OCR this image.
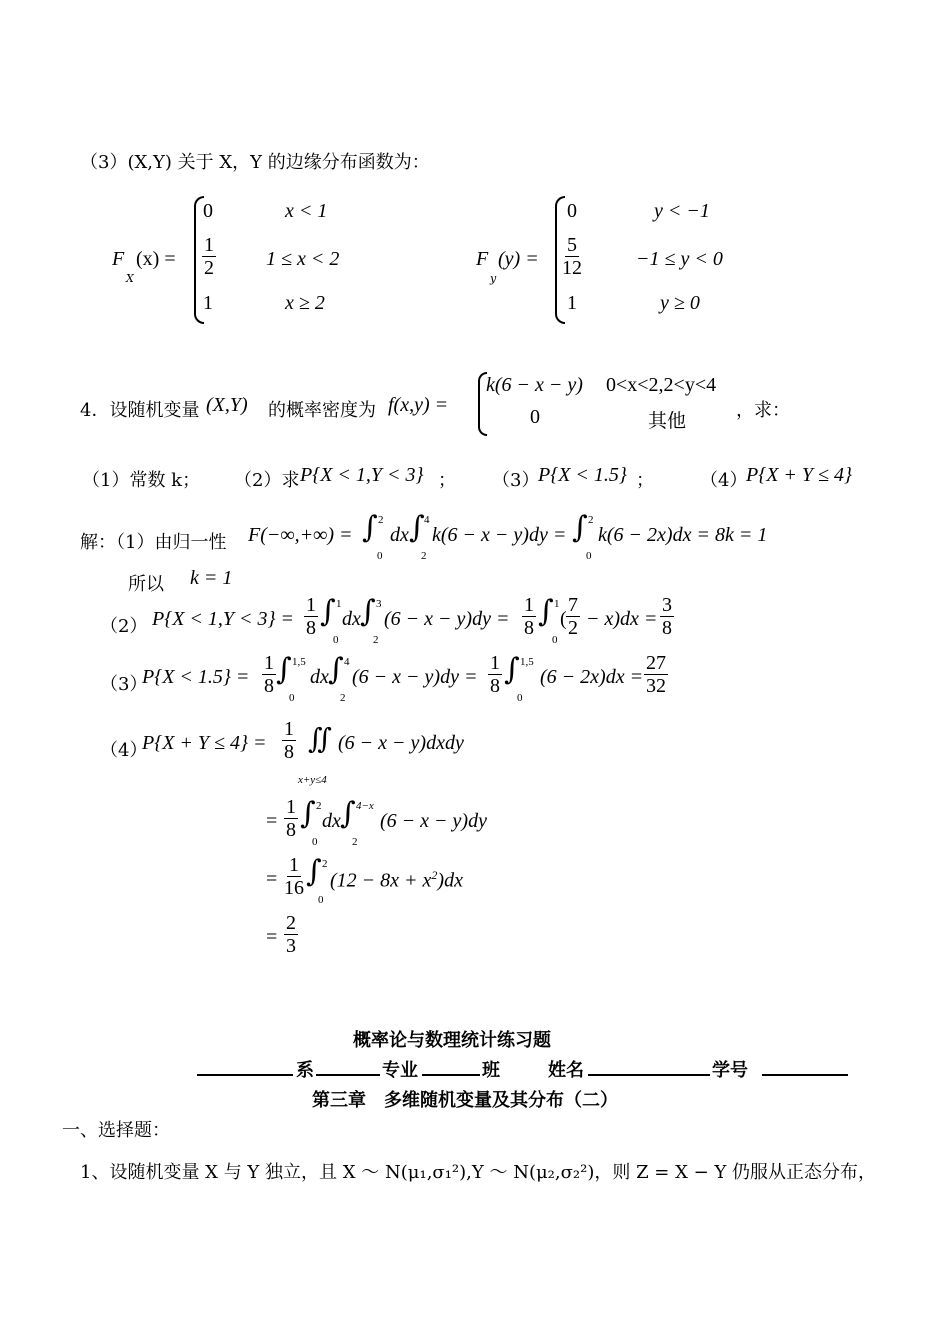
（3）(X,Y) 关于 X，Y 的边缘分布函数为：
F
X
(x) =
0	x < 1
$\frac{1}{2}$	1 ≤ x < 2
1	x ≥ 2
F
y
(y) =
0	y < −1
$\frac{5}{12}$	−1 ≤ y < 0
1	y ≥ 0
4．设随机变量 (X,Y) 的概率密度为 f(x,y) =
k(6 − x − y) 0<x<2,2<y<4
0	其他	，求：
（1）常数 k； （2）求 P{X < 1,Y < 3} ； （3）
P{X < 1.5} ；	（4）
P{X + Y ≤ 4}
解：（1）由归一性 F(−∞,+∞) = ∫ 2
0
dx ∫ 4
2
k(6 − x − y)dy = ∫ 2
0
k(6 − 2x)dx = 8k = 1
所以 k = 1
（2） $P\{X < 1,Y < 3\} = \frac{1}{8}$ ∫ 1
0
dx ∫ 3
2
$(6 - x - y)dy = \frac{1}{8}$ ∫ 1
0
( $\frac{7}{2} - x)dx = \frac{3}{8}$
（3）
$P\{X < 1.5\} = \frac{1}{8}$ ∫ 1,5
0
dx ∫ 4
2
$(6 - x - y)dy = \frac{1}{8}$ ∫ 1,5
0
$(6 - 2x)dx = \frac{27}{32}$
（4）
$P\{X + Y \le 4\} = \frac{1}{8}$ ∬
x+y≤4
(6 − x − y)dxdy
= $\frac{1}{8}$ ∫ 2
0
dx ∫ 4−x
2
(6 − x − y)dy
= $\frac{1}{16}$ ∫ 2
0
$(12 - 8x + x^2)dx$
= $\frac{2}{3}$
概率论与数理统计练习题
系	专业	班	姓名	学号
第三章　多维随机变量及其分布（二）
一、选择题：
1、设随机变量 X 与 Y 独立，且 X ～ N(μ₁,σ₁²),Y ～ N(μ₂,σ₂²)，则 Z = X − Y 仍服从正态分布，
